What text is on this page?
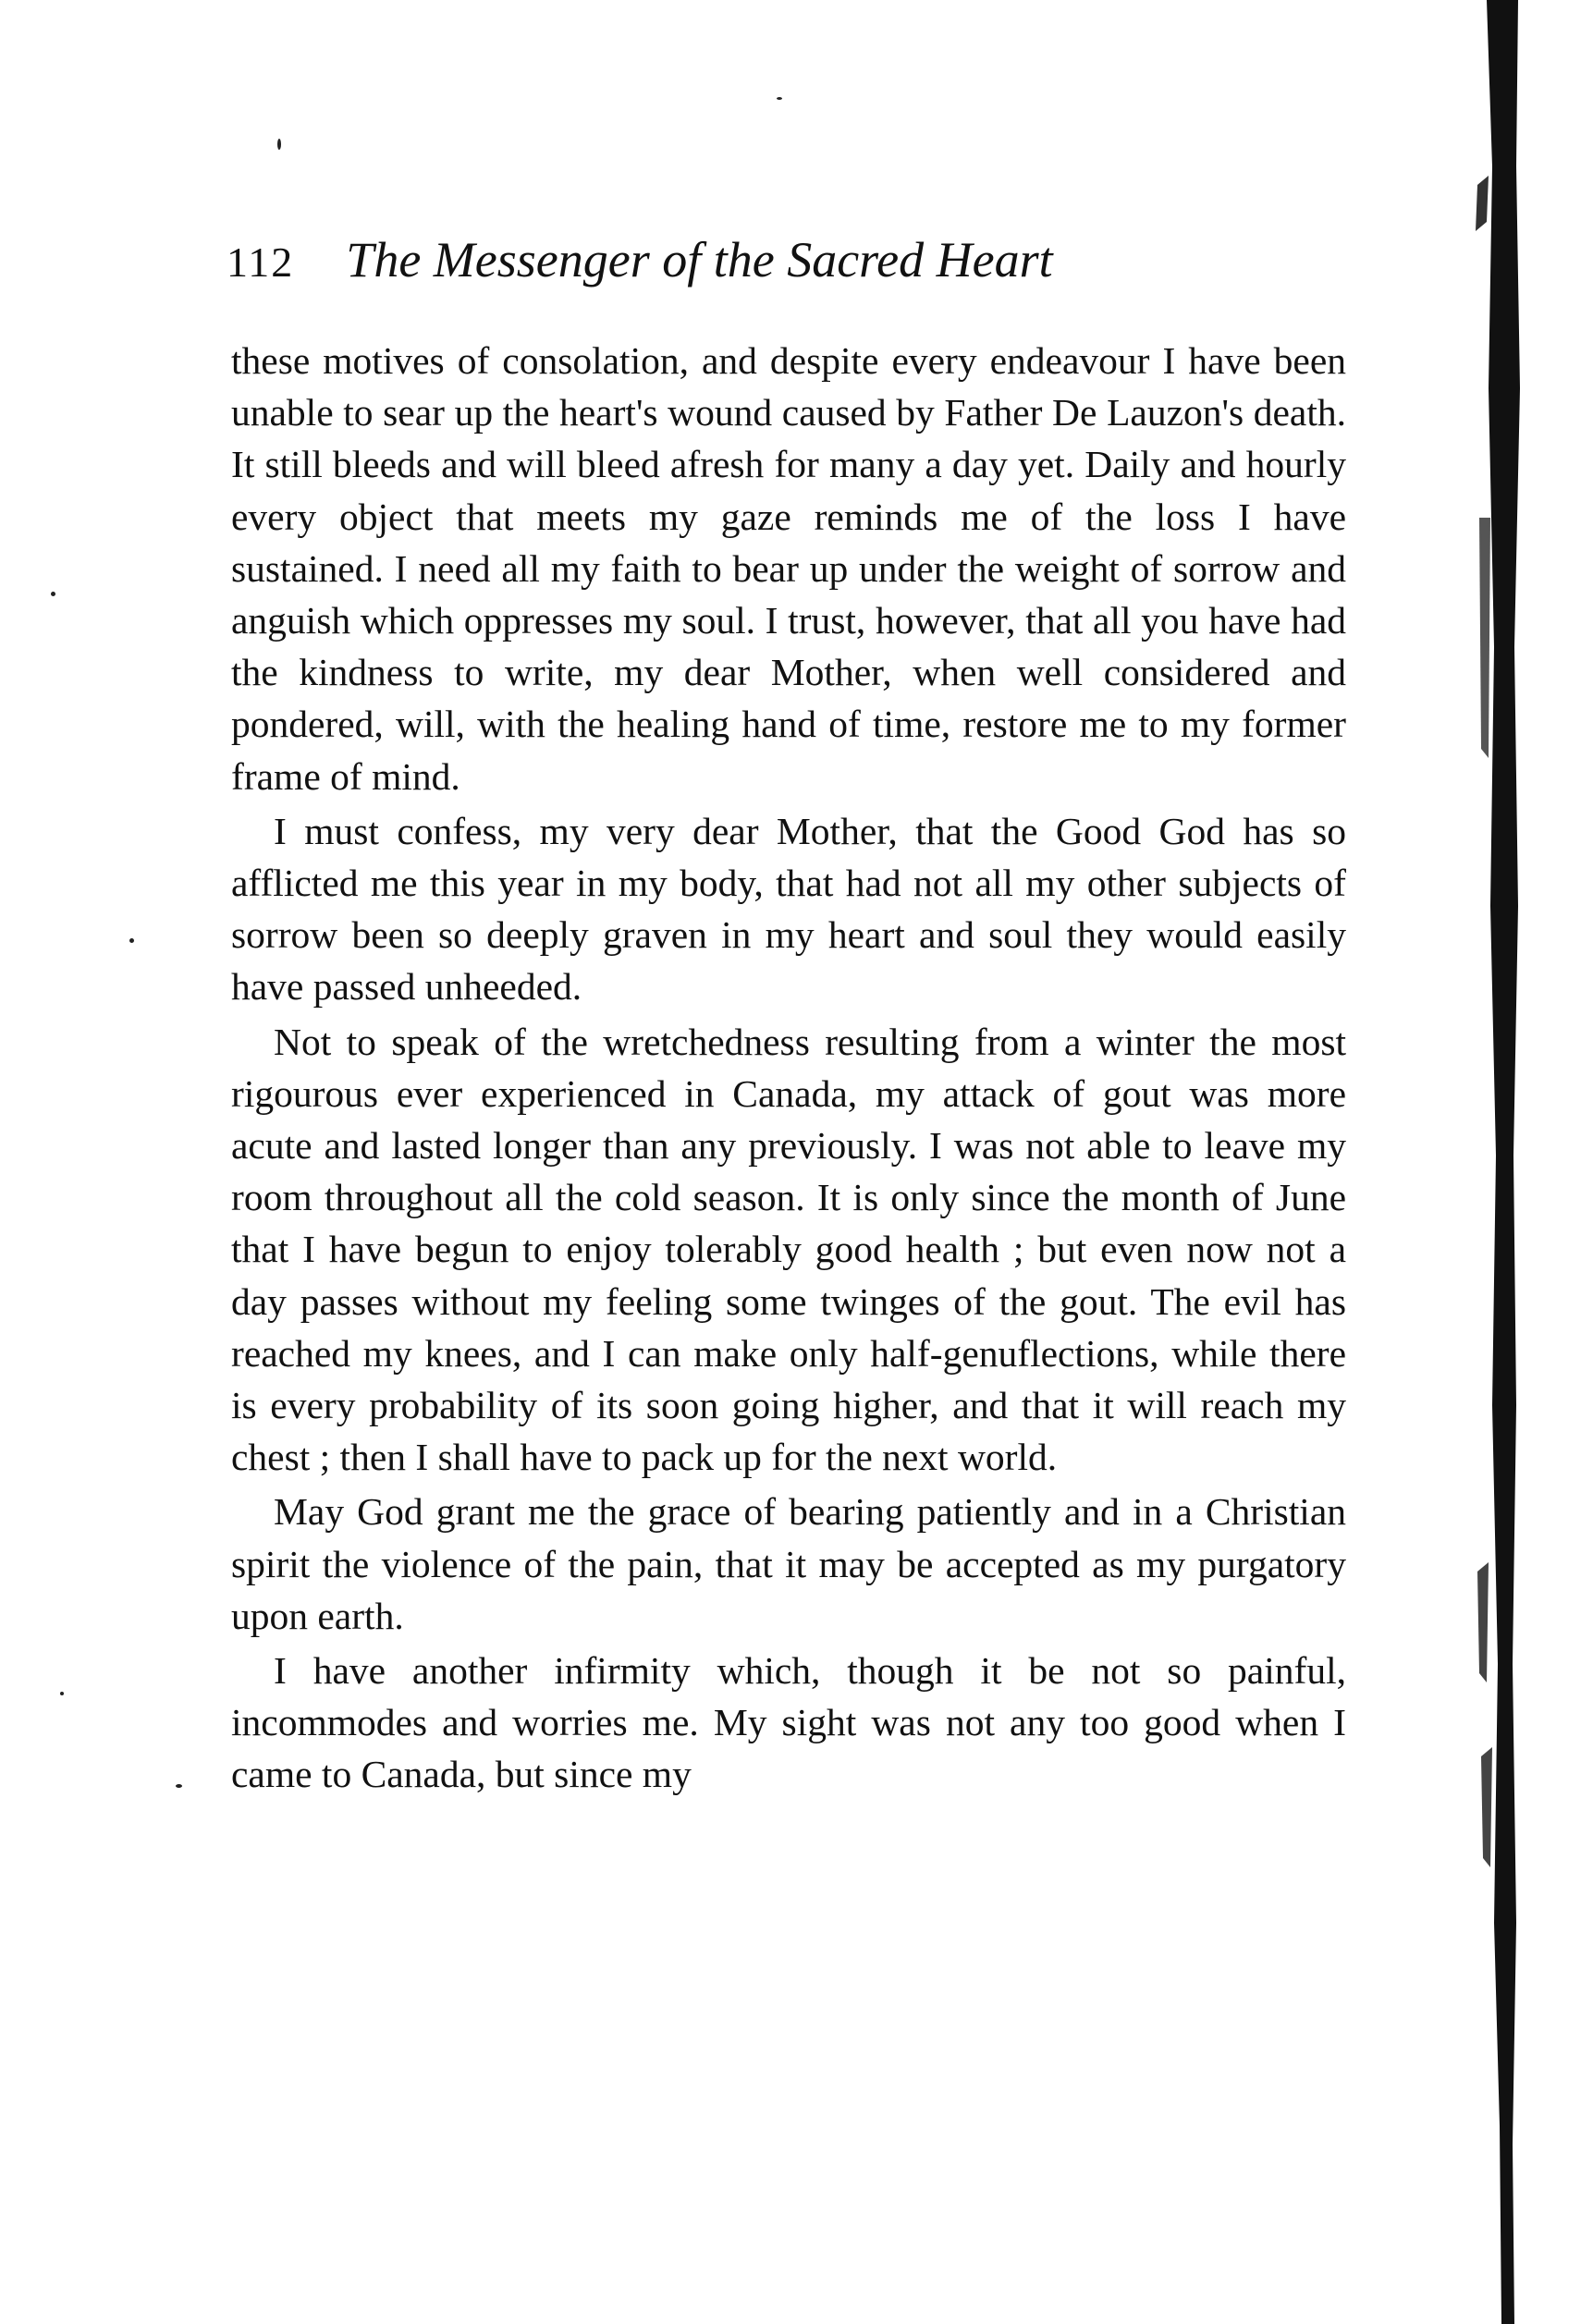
112 The Messenger of the Sacred Heart

these motives of consolation, and despite every endeavour I have been unable to sear up the heart's wound caused by Father De Lauzon's death. It still bleeds and will bleed afresh for many a day yet. Daily and hourly every object that meets my gaze reminds me of the loss I have sustained. I need all my faith to bear up under the weight of sorrow and anguish which oppresses my soul. I trust, however, that all you have had the kindness to write, my dear Mother, when well considered and pondered, will, with the healing hand of time, restore me to my former frame of mind.

I must confess, my very dear Mother, that the Good God has so afflicted me this year in my body, that had not all my other subjects of sorrow been so deeply graven in my heart and soul they would easily have passed unheeded.

Not to speak of the wretchedness resulting from a winter the most rigourous ever experienced in Canada, my attack of gout was more acute and lasted longer than any previously. I was not able to leave my room throughout all the cold season. It is only since the month of June that I have begun to enjoy tolerably good health ; but even now not a day passes without my feeling some twinges of the gout. The evil has reached my knees, and I can make only half-genuflections, while there is every probability of its soon going higher, and that it will reach my chest ; then I shall have to pack up for the next world.

May God grant me the grace of bearing patiently and in a Christian spirit the violence of the pain, that it may be accepted as my purgatory upon earth.

I have another infirmity which, though it be not so painful, incommodes and worries me. My sight was not any too good when I came to Canada, but since my
